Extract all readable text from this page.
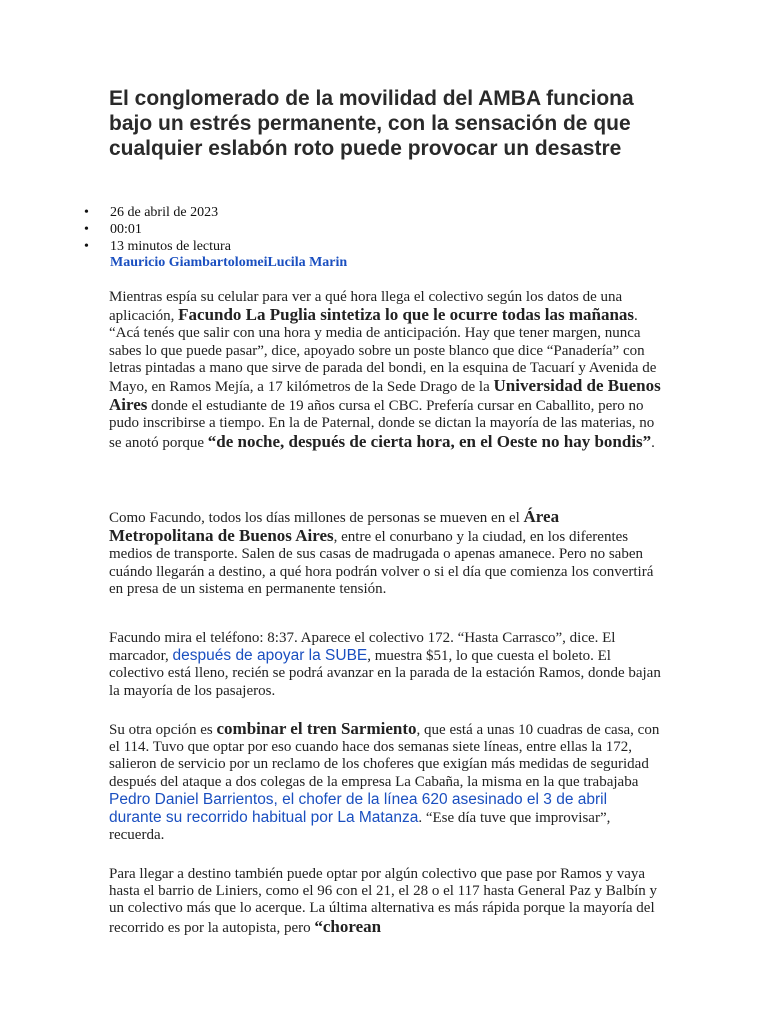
El conglomerado de la movilidad del AMBA funciona bajo un estrés permanente, con la sensación de que cualquier eslabón roto puede provocar un desastre
• 26 de abril de 2023
• 00:01
• 13 minutos de lectura
Mauricio GiambartolomeiLucila Marin

Mientras espía su celular para ver a qué hora llega el colectivo según los datos de una aplicación, Facundo La Puglia sintetiza lo que le ocurre todas las mañanas. “Acá tenés que salir con una hora y media de anticipación. Hay que tener margen, nunca sabes lo que puede pasar”, dice, apoyado sobre un poste blanco que dice “Panadería” con letras pintadas a mano que sirve de parada del bondi, en la esquina de Tacuarí y Avenida de Mayo, en Ramos Mejía, a 17 kilómetros de la Sede Drago de la Universidad de Buenos Aires donde el estudiante de 19 años cursa el CBC. Prefería cursar en Caballito, pero no pudo inscribirse a tiempo. En la de Paternal, donde se dictan la mayoría de las materias, no se anotó porque “de noche, después de cierta hora, en el Oeste no hay bondis”.

Como Facundo, todos los días millones de personas se mueven en el Área Metropolitana de Buenos Aires, entre el conurbano y la ciudad, en los diferentes medios de transporte. Salen de sus casas de madrugada o apenas amanece. Pero no saben cuándo llegarán a destino, a qué hora podrán volver o si el día que comienza los convertirá en presa de un sistema en permanente tensión.

Facundo mira el teléfono: 8:37. Aparece el colectivo 172. “Hasta Carrasco”, dice. El marcador, después de apoyar la SUBE, muestra $51, lo que cuesta el boleto. El colectivo está lleno, recién se podrá avanzar en la parada de la estación Ramos, donde bajan la mayoría de los pasajeros.

Su otra opción es combinar el tren Sarmiento, que está a unas 10 cuadras de casa, con el 114. Tuvo que optar por eso cuando hace dos semanas siete líneas, entre ellas la 172, salieron de servicio por un reclamo de los choferes que exigían más medidas de seguridad después del ataque a dos colegas de la empresa La Cabaña, la misma en la que trabajaba Pedro Daniel Barrientos, el chofer de la línea 620 asesinado el 3 de abril durante su recorrido habitual por La Matanza. “Ese día tuve que improvisar”, recuerda.

Para llegar a destino también puede optar por algún colectivo que pase por Ramos y vaya hasta el barrio de Liniers, como el 96 con el 21, el 28 o el 117 hasta General Paz y Balbín y un colectivo más que lo acerque. La última alternativa es más rápida porque la mayoría del recorrido es por la autopista, pero “chorean
